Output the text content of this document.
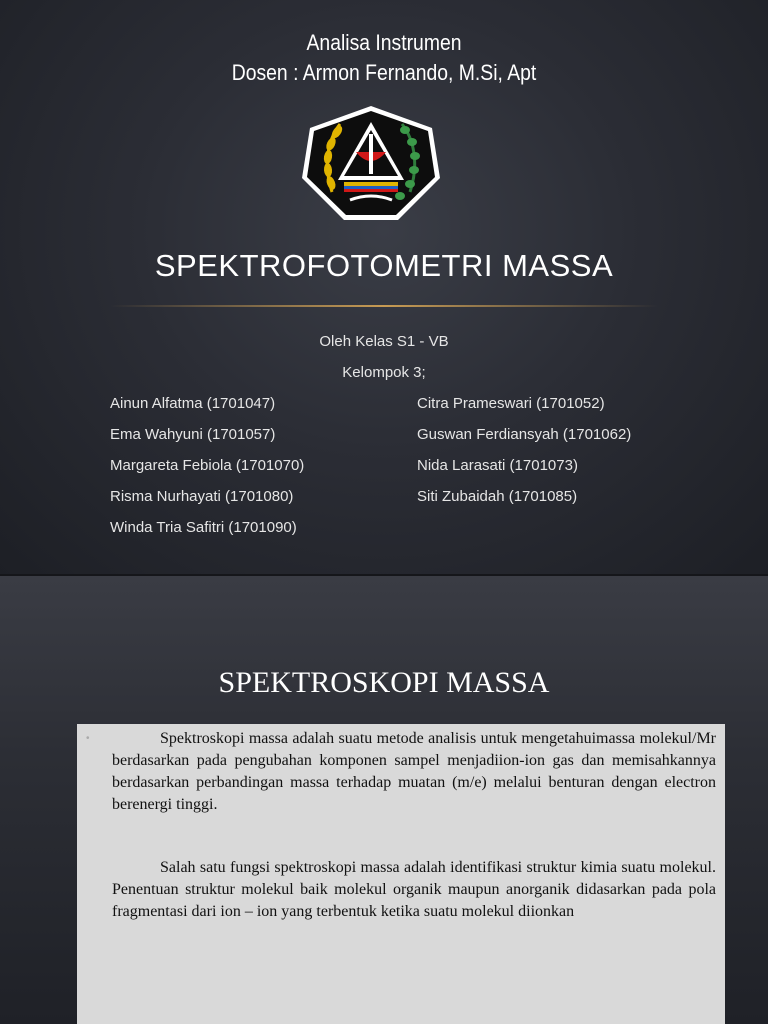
Analisa Instrumen
Dosen : Armon Fernando, M.Si, Apt
SPEKTROFOTOMETRI MASSA
Oleh Kelas S1 - VB
Kelompok 3;
Ainun Alfatma (1701047)
Ema Wahyuni (1701057)
Margareta Febiola (1701070)
Risma Nurhayati (1701080)
Winda Tria Safitri (1701090)
Citra Prameswari (1701052)
Guswan Ferdiansyah (1701062)
Nida Larasati (1701073)
Siti Zubaidah (1701085)
SPEKTROSKOPI MASSA
•	Spektroskopi massa adalah suatu metode analisis untuk mengetahuimassa molekul/Mr berdasarkan pada pengubahan komponen sampel menjadiion-ion gas dan memisahkannya berdasarkan perbandingan massa terhadap muatan (m/e) melalui benturan dengan electron berenergi tinggi.

Salah satu fungsi spektroskopi massa adalah identifikasi struktur kimia suatu molekul. Penentuan struktur molekul baik molekul organik maupun anorganik didasarkan pada pola fragmentasi dari ion – ion yang terbentuk ketika suatu molekul diionkan
